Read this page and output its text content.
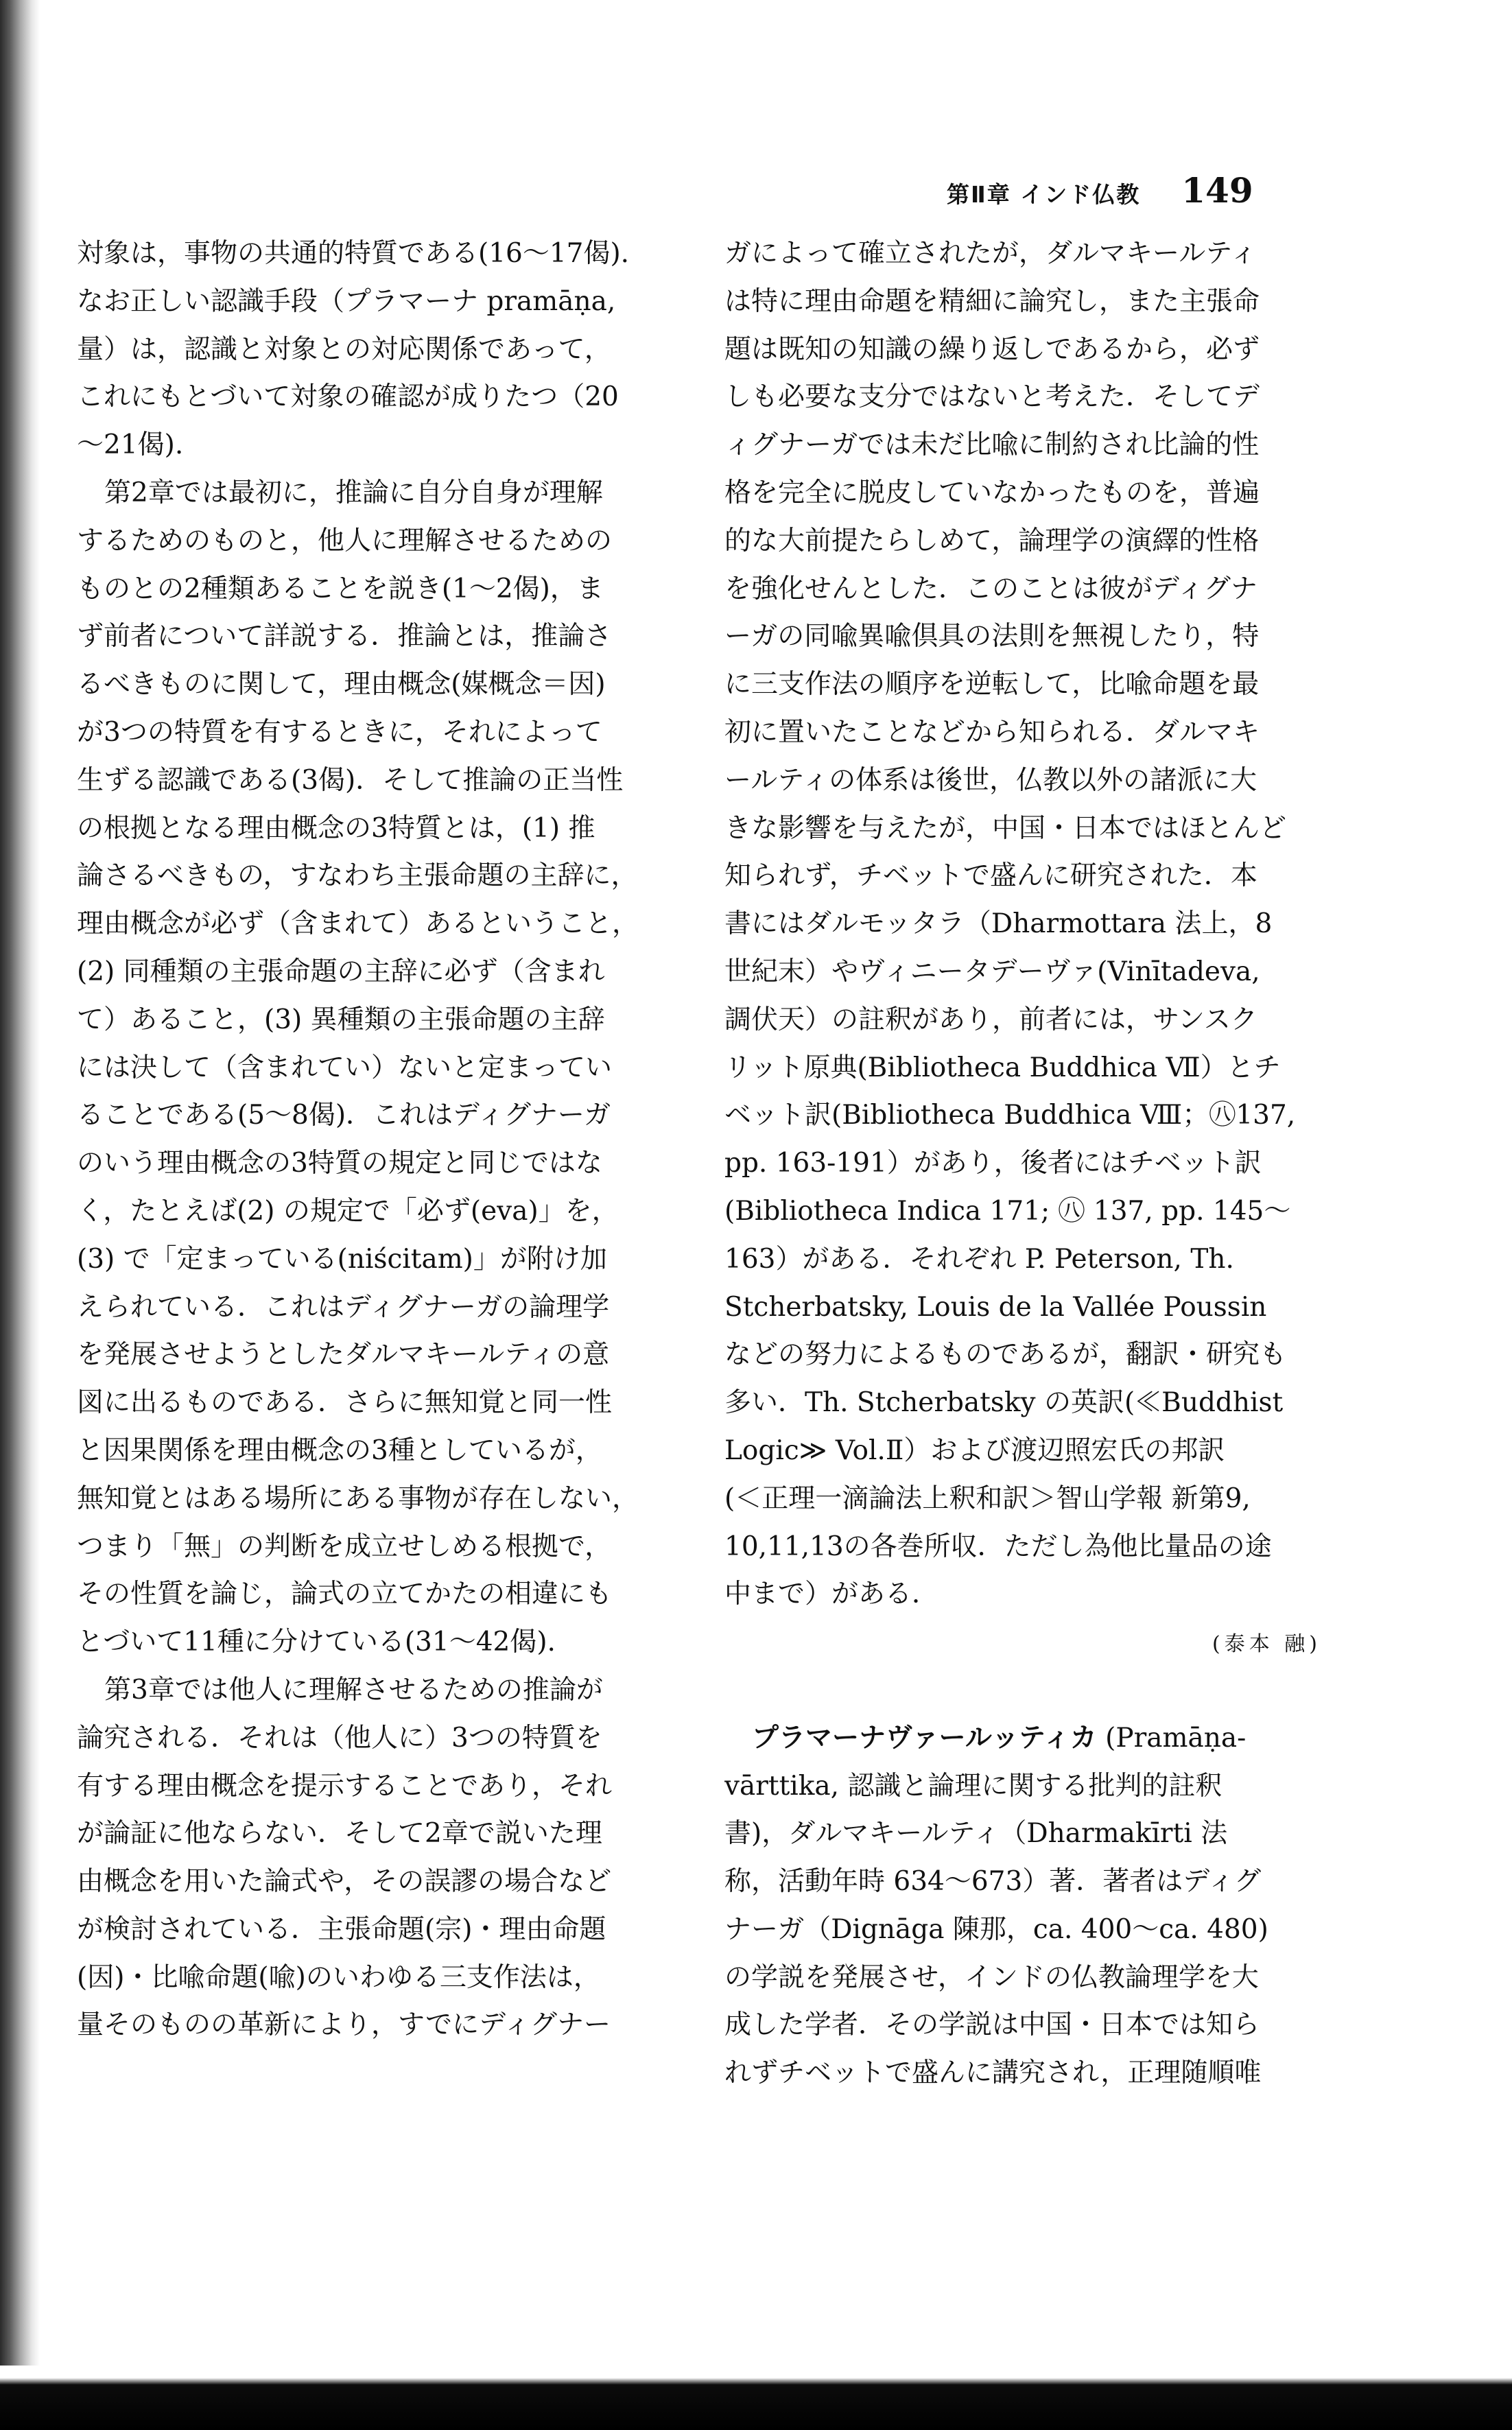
第Ⅱ章 インド仏教 149
対象は，事物の共通的特質である(16～17偈).
なお正しい認識手段（プラマーナ pramāṇa,
量）は，認識と対象との対応関係であって，
これにもとづいて対象の確認が成りたつ（20
～21偈).
第2章では最初に，推論に自分自身が理解
するためのものと，他人に理解させるための
ものとの2種類あることを説き(1～2偈)，ま
ず前者について詳説する．推論とは，推論さ
るべきものに関して，理由概念(媒概念＝因)
が3つの特質を有するときに，それによって
生ずる認識である(3偈)．そして推論の正当性
の根拠となる理由概念の3特質とは，(1) 推
論さるべきもの，すなわち主張命題の主辞に，
理由概念が必ず（含まれて）あるということ，
(2) 同種類の主張命題の主辞に必ず（含まれ
て）あること，(3) 異種類の主張命題の主辞
には決して（含まれてい）ないと定まってい
ることである(5～8偈)．これはディグナーガ
のいう理由概念の3特質の規定と同じではな
く，たとえば(2) の規定で「必ず(eva)」を，
(3) で「定まっている(niścitam)」が附け加
えられている．これはディグナーガの論理学
を発展させようとしたダルマキールティの意
図に出るものである．さらに無知覚と同一性
と因果関係を理由概念の3種としているが，
無知覚とはある場所にある事物が存在しない，
つまり「無」の判断を成立せしめる根拠で，
その性質を論じ，論式の立てかたの相違にも
とづいて11種に分けている(31～42偈).
第3章では他人に理解させるための推論が
論究される．それは（他人に）3つの特質を
有する理由概念を提示することであり，それ
が論証に他ならない．そして2章で説いた理
由概念を用いた論式や，その誤謬の場合など
が検討されている．主張命題(宗)・理由命題
(因)・比喩命題(喩)のいわゆる三支作法は，
量そのものの革新により，すでにディグナー
ガによって確立されたが，ダルマキールティ
は特に理由命題を精細に論究し，また主張命
題は既知の知識の繰り返しであるから，必ず
しも必要な支分ではないと考えた．そしてデ
ィグナーガでは未だ比喩に制約され比論的性
格を完全に脱皮していなかったものを，普遍
的な大前提たらしめて，論理学の演繹的性格
を強化せんとした．このことは彼がディグナ
ーガの同喩異喩倶具の法則を無視したり，特
に三支作法の順序を逆転して，比喩命題を最
初に置いたことなどから知られる．ダルマキ
ールティの体系は後世，仏教以外の諸派に大
きな影響を与えたが，中国・日本ではほとんど
知られず，チベットで盛んに研究された．本
書にはダルモッタラ（Dharmottara 法上，8
世紀末）やヴィニータデーヴァ(Vinītadeva,
調伏天）の註釈があり，前者には，サンスク
リット原典(Bibliotheca Buddhica Ⅶ）とチ
ベット訳(Bibliotheca Buddhica Ⅷ；㊇137,
pp. 163-191）があり，後者にはチベット訳
(Bibliotheca Indica 171; ㊇ 137, pp. 145～
163）がある．それぞれ P. Peterson, Th.
Stcherbatsky, Louis de la Vallée Poussin
などの努力によるものであるが，翻訳・研究も
多い．Th. Stcherbatsky の英訳(≪Buddhist
Logic≫ Vol.Ⅱ）および渡辺照宏氏の邦訳
(＜正理一滴論法上釈和訳＞智山学報 新第9,
10,11,13の各巻所収．ただし為他比量品の途
中まで）がある．
(泰本 融)
プラマーナヴァールッティカ (Pramāṇa-
vārttika, 認識と論理に関する批判的註釈
書)，ダルマキールティ（Dharmakīrti 法
称，活動年時 634～673）著．著者はディグ
ナーガ（Dignāga 陳那，ca. 400～ca. 480)
の学説を発展させ，インドの仏教論理学を大
成した学者．その学説は中国・日本では知ら
れずチベットで盛んに講究され，正理随順唯
